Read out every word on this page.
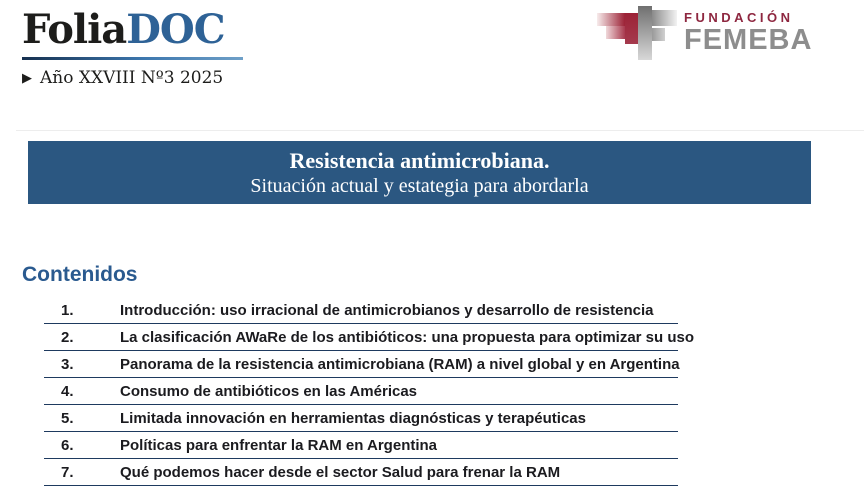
FoliaDOC
▶ Año XXVIII Nº3 2025
FUNDACIÓN
FEMEBA
Resistencia antimicrobiana.
Situación actual y estategia para abordarla
Contenidos
1.	Introducción: uso irracional de antimicrobianos y desarrollo de resistencia
2.	La clasificación AWaRe de los antibióticos: una propuesta para optimizar su uso
3.	Panorama de la resistencia antimicrobiana (RAM) a nivel global y en Argentina
4.	Consumo de antibióticos en las Américas
5.	Limitada innovación en herramientas diagnósticas y terapéuticas
6.	Políticas para enfrentar la RAM en Argentina
7.	Qué podemos hacer desde el sector Salud para frenar la RAM
